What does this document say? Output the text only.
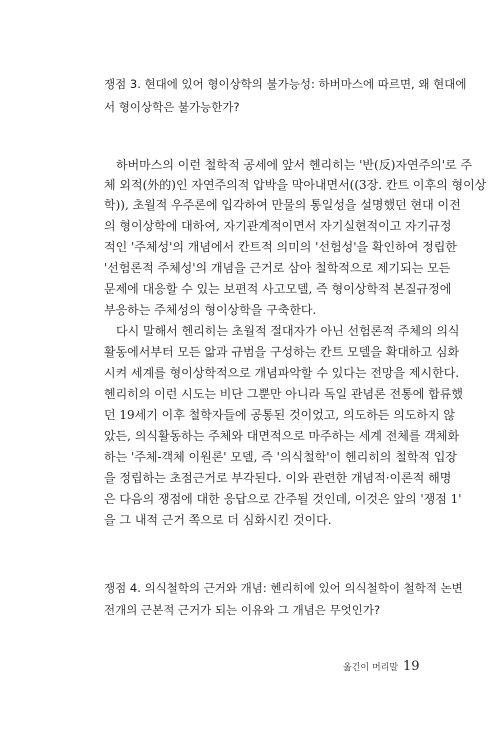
쟁점 3. 현대에 있어 형이상학의 불가능성: 하버마스에 따르면, 왜 현대에
서 형이상학은 불가능한가?
하버마스의 이런 철학적 공세에 앞서 헨리히는 '반(反)자연주의'로 주
체 외적(外的)인 자연주의적 압박을 막아내면서((3장. 칸트 이후의 형이상
학)), 초월적 우주론에 입각하여 만물의 통일성을 설명했던 현대 이전
의 형이상학에 대하여, 자기관계적이면서 자기실현적이고 자기규정
적인 '주체성'의 개념에서 칸트적 의미의 '선험성'을 확인하여 정립한
'선험론적 주체성'의 개념을 근거로 삼아 철학적으로 제기되는 모든
문제에 대응할 수 있는 보편적 사고모델, 즉 형이상학적 본질규정에
부응하는 주체성의 형이상학을 구축한다.
다시 말해서 헨리히는 초월적 절대자가 아닌 선험론적 주체의 의식
활동에서부터 모든 앎과 규범을 구성하는 칸트 모델을 확대하고 심화
시켜 세계를 형이상학적으로 개념파악할 수 있다는 전망을 제시한다.
헨리히의 이런 시도는 비단 그뿐만 아니라 독일 관념론 전통에 합류했
던 19세기 이후 철학자들에 공통된 것이었고, 의도하든 의도하지 않
았든, 의식활동하는 주체와 대면적으로 마주하는 세계 전체를 객체화
하는 '주체-객체 이원론' 모델, 즉 '의식철학'이 헨리히의 철학적 입장
을 정립하는 초점근거로 부각된다. 이와 관련한 개념적·이론적 해명
은 다음의 쟁점에 대한 응답으로 간주될 것인데, 이것은 앞의 '쟁점 1'
을 그 내적 근거 쪽으로 더 심화시킨 것이다.
쟁점 4. 의식철학의 근거와 개념: 헨리히에 있어 의식철학이 철학적 논변
전개의 근본적 근거가 되는 이유와 그 개념은 무엇인가?
옮긴이 머리말 19
